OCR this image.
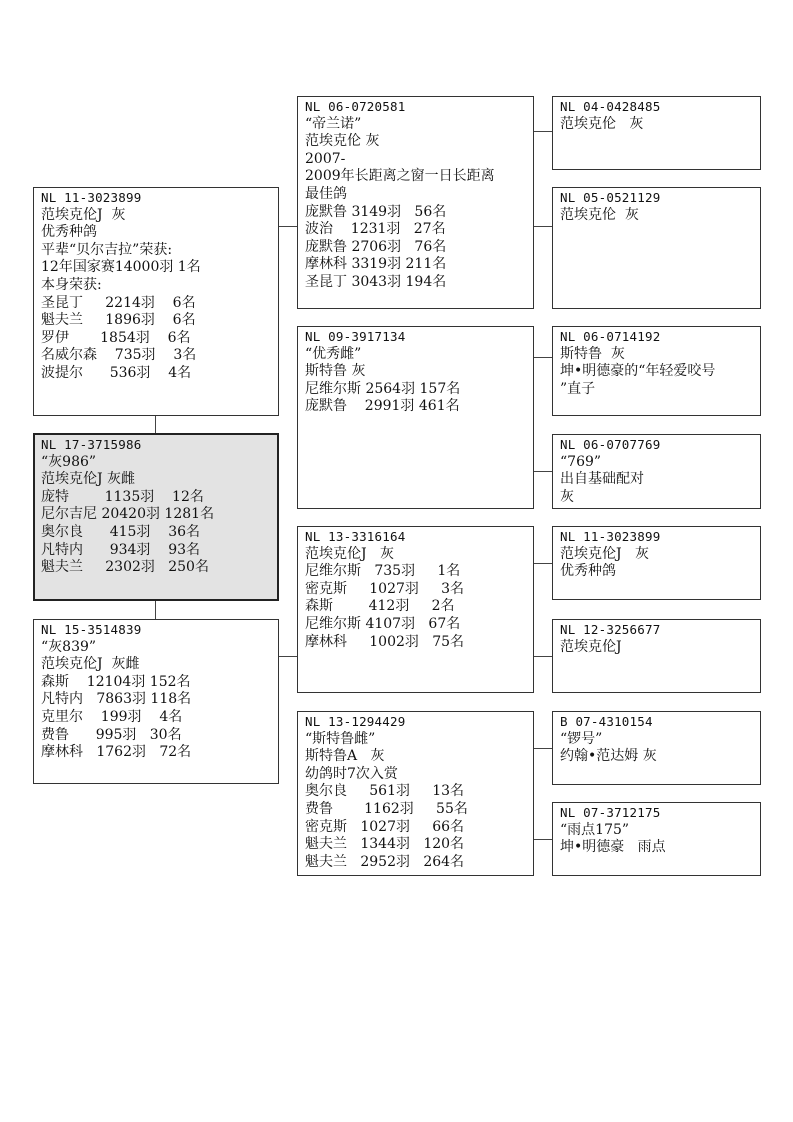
NL 11-3023899
范埃克伦J  灰
优秀种鸽
平辈“贝尔吉拉”荣获:
12年国家赛14000羽 1名
本身荣获:
圣昆丁     2214羽    6名
魁夫兰     1896羽    6名
罗伊       1854羽    6名
名威尔森    735羽    3名
波提尔      536羽    4名
NL 17-3715986
“灰986”
范埃克伦J 灰雌
庞特        1135羽    12名
尼尔吉尼 20420羽 1281名
奥尔良      415羽    36名
凡特内      934羽    93名
魁夫兰     2302羽   250名
NL 15-3514839
“灰839”
范埃克伦J  灰雌
森斯    12104羽 152名
凡特内   7863羽 118名
克里尔    199羽    4名
费鲁      995羽   30名
摩林科   1762羽   72名
NL 06-0720581
“帝兰诺”
范埃克伦 灰
2007-
2009年长距离之窗一日长距离
最佳鸽
庞默鲁 3149羽   56名
波治    1231羽   27名
庞默鲁 2706羽   76名
摩林科 3319羽 211名
圣昆丁 3043羽 194名
NL 09-3917134
“优秀雌”
斯特鲁 灰
尼维尔斯 2564羽 157名
庞默鲁    2991羽 461名
NL 13-3316164
范埃克伦J   灰
尼维尔斯   735羽     1名
密克斯     1027羽     3名
森斯        412羽     2名
尼维尔斯 4107羽   67名
摩林科     1002羽   75名
NL 13-1294429
“斯特鲁雌”
斯特鲁A   灰
幼鸽时7次入赏
奥尔良     561羽     13名
费鲁       1162羽     55名
密克斯   1027羽     66名
魁夫兰   1344羽   120名
魁夫兰   2952羽   264名
NL 04-0428485
范埃克伦   灰
NL 05-0521129
范埃克伦  灰
NL 06-0714192
斯特鲁  灰
坤•明德豪的“年轻爱咬号
”直子
NL 06-0707769
“769”
出自基础配对
灰
NL 11-3023899
范埃克伦J   灰
优秀种鸽
NL 12-3256677
范埃克伦J
B 07-4310154
“锣号”
约翰•范达姆 灰
NL 07-3712175
“雨点175”
坤•明德豪   雨点
